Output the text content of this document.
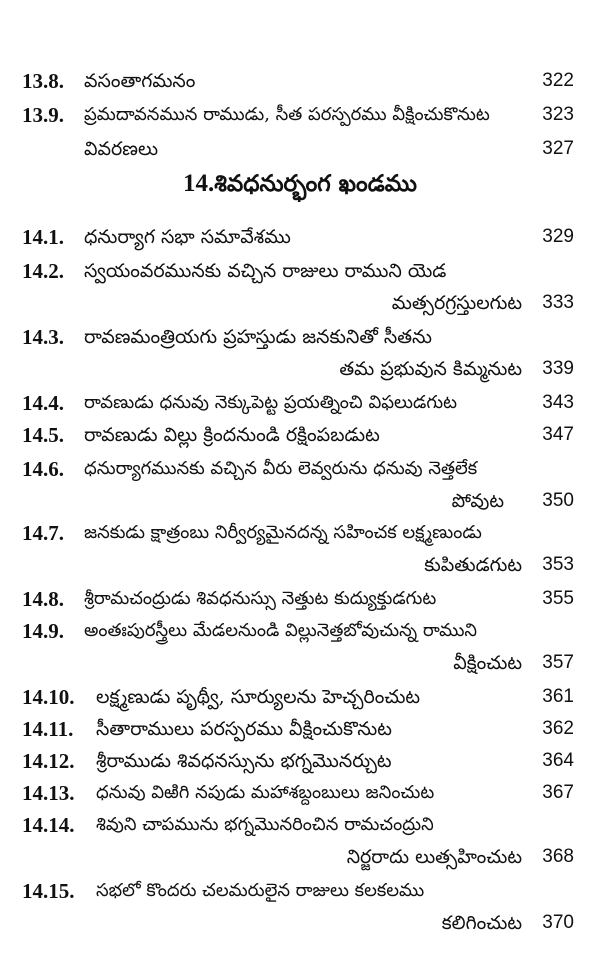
13.8. వసంతాగమనం	322
13.9. ప్రమదావనమున రాముడు, సీత పరస్పరము వీక్షించుకొనుట	323
వివరణలు	327
14.శివధనుర్భంగ ఖండము
14.1. ధనుర్యాగ సభా సమావేశము	329
14.2. స్వయంవరమునకు వచ్చిన రాజులు రాముని యెడ
మత్సరగ్రస్తులగుట 333
14.3. రావణమంత్రియగు ప్రహస్తుడు జనకునితో సీతను
తమ ప్రభువున కిమ్మనుట 339
14.4. రావణుడు ధనువు నెక్కుపెట్ట ప్రయత్నించి విఫలుడగుట	343
14.5. రావణుడు విల్లు క్రిందనుండి రక్షింపబడుట	347
14.6. ధనుర్యాగమునకు వచ్చిన వీరు లెవ్వరును ధనువు నెత్తలేక
పోవుట 350
14.7. జనకుడు క్షాత్రంబు నిర్వీర్యమైనదన్న సహించక లక్ష్మణుండు
కుపితుడగుట 353
14.8. శ్రీరామచంద్రుడు శివధనుస్సు నెత్తుట కుద్యుక్తుడగుట	355
14.9. అంతఃపురస్త్రీలు మేడలనుండి విల్లునెత్తబోవుచున్న రాముని
వీక్షించుట 357
14.10. లక్ష్మణుడు పృథ్వీ, సూర్యులను హెచ్చరించుట	361
14.11. సీతారాములు పరస్పరము వీక్షించుకొనుట	362
14.12. శ్రీరాముడు శివధనస్సును భగ్నమొనర్చుట	364
14.13. ధనువు విఱిగి నపుడు మహాశబ్దంబులు జనించుట	367
14.14. శివుని చాపమును భగ్నమొనరించిన రామచంద్రుని
నిర్జరాదు లుత్సహించుట 368
14.15. సభలో కొందరు చలమరులైన రాజులు కలకలము
కలిగించుట 370
